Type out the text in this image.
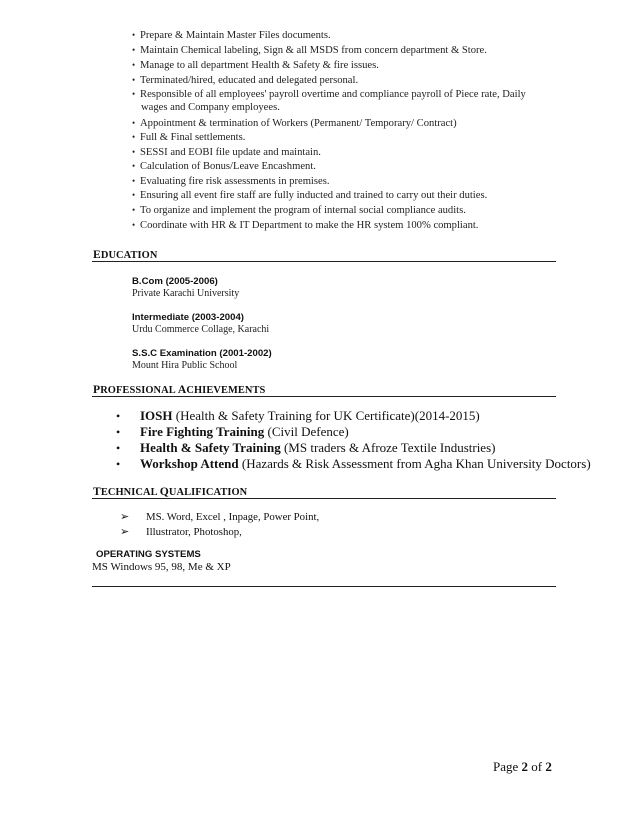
• Prepare & Maintain Master Files documents.
• Maintain Chemical labeling, Sign & all MSDS from concern department & Store.
• Manage to all department Health & Safety & fire issues.
• Terminated/hired, educated and delegated personal.
• Responsible of all employees' payroll overtime and compliance payroll of Piece rate, Daily
wages and Company employees.
• Appointment & termination of Workers (Permanent/ Temporary/ Contract)
• Full & Final settlements.
• SESSI and EOBI file update and maintain.
• Calculation of Bonus/Leave Encashment.
• Evaluating fire risk assessments in premises.
• Ensuring all event fire staff are fully inducted and trained to carry out their duties.
• To organize and implement the program of internal social compliance audits.
• Coordinate with HR & IT Department to make the HR system 100% compliant.
EDUCATION
B.Com (2005-2006)
Private Karachi University
Intermediate (2003-2004)
Urdu Commerce Collage, Karachi
S.S.C Examination (2001-2002)
Mount Hira Public School
PROFESSIONAL ACHIEVEMENTS
• IOSH (Health & Safety Training for UK Certificate)(2014-2015)
• Fire Fighting Training (Civil Defence)
• Health & Safety Training (MS traders & Afroze Textile Industries)
• Workshop Attend (Hazards & Risk Assessment from Agha Khan University Doctors)
TECHNICAL QUALIFICATION
➢ MS. Word, Excel , Inpage, Power Point,
➢ Illustrator, Photoshop,
OPERATING SYSTEMS
MS Windows 95, 98, Me & XP
Page 2 of 2
